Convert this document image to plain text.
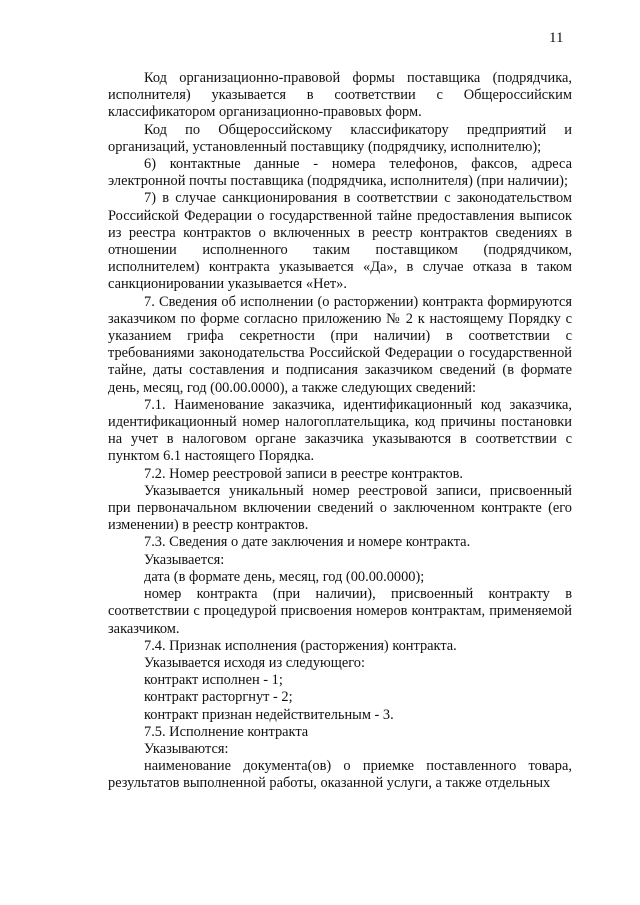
11

Код организационно-правовой формы поставщика (подрядчика, исполнителя) указывается в соответствии с Общероссийским классификатором организационно-правовых форм.

Код по Общероссийскому классификатору предприятий и организаций, установленный поставщику (подрядчику, исполнителю);

6) контактные данные - номера телефонов, факсов, адреса электронной почты поставщика (подрядчика, исполнителя) (при наличии);

7) в случае санкционирования в соответствии с законодательством Российской Федерации о государственной тайне предоставления выписок из реестра контрактов о включенных в реестр контрактов сведениях в отношении исполненного таким поставщиком (подрядчиком, исполнителем) контракта указывается «Да», в случае отказа в таком санкционировании указывается «Нет».

7. Сведения об исполнении (о расторжении) контракта формируются заказчиком по форме согласно приложению № 2 к настоящему Порядку с указанием грифа секретности (при наличии) в соответствии с требованиями законодательства Российской Федерации о государственной тайне, даты составления и подписания заказчиком сведений (в формате день, месяц, год (00.00.0000), а также следующих сведений:

7.1. Наименование заказчика, идентификационный код заказчика, идентификационный номер налогоплательщика, код причины постановки на учет в налоговом органе заказчика указываются в соответствии с пунктом 6.1 настоящего Порядка.

7.2. Номер реестровой записи в реестре контрактов.

Указывается уникальный номер реестровой записи, присвоенный при первоначальном включении сведений о заключенном контракте (его изменении) в реестр контрактов.

7.3. Сведения о дате заключения и номере контракта.

Указывается:

дата (в формате день, месяц, год (00.00.0000);

номер контракта (при наличии), присвоенный контракту в соответствии с процедурой присвоения номеров контрактам, применяемой заказчиком.

7.4. Признак исполнения (расторжения) контракта.

Указывается исходя из следующего:

контракт исполнен - 1;

контракт расторгнут - 2;

контракт признан недействительным - 3.

7.5. Исполнение контракта

Указываются:

наименование документа(ов) о приемке поставленного товара, результатов выполненной работы, оказанной услуги, а также отдельных
